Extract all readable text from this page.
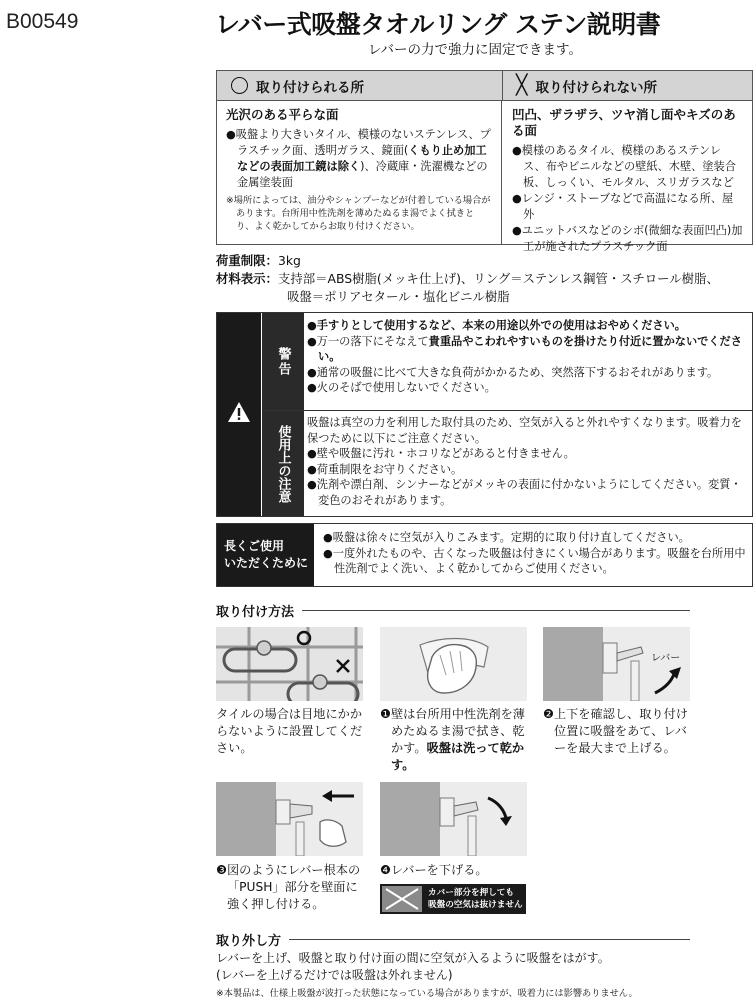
B00549	レバー式吸盤タオルリング ステン説明書
レバーの力で強力に固定できます。
取り付けられる所	╳ 取り付けられない所
光沢のある平らな面
●吸盤より大きいタイル、模様のないステンレス、プラスチック面、透明ガラス、鏡面(くもり止め加工などの表面加工鏡は除く)、冷蔵庫・洗濯機などの金属塗装面
※場所によっては、油分やシャンプーなどが付着している場合があります。台所用中性洗剤を薄めたぬるま湯でよく拭きとり、よく乾かしてからお取り付けください。
凹凸、ザラザラ、ツヤ消し面やキズのある面
●模様のあるタイル、模様のあるステンレス、布やビニルなどの壁紙、木壁、塗装合板、しっくい、モルタル、スリガラスなど
●レンジ・ストーブなどで高温になる所、屋外
●ユニットバスなどのシボ(微細な表面凹凸)加工が施されたプラスチック面
荷重制限：3kg
材料表示：支持部＝ABS樹脂(メッキ仕上げ)、リング＝ステンレス鋼管・スチロール樹脂、
吸盤＝ポリアセタール・塩化ビニル樹脂
警告
使用上の注意
●手すりとして使用するなど、本来の用途以外での使用はおやめください。
●万一の落下にそなえて貴重品やこわれやすいものを掛けたり付近に置かないでください。
●通常の吸盤に比べて大きな負荷がかかるため、突然落下するおそれがあります。
●火のそばで使用しないでください。
吸盤は真空の力を利用した取付具のため、空気が入ると外れやすくなります。吸着力を保つために以下にご注意ください。
●壁や吸盤に汚れ・ホコリなどがあると付きません。
●荷重制限をお守りください。
●洗剤や漂白剤、シンナーなどがメッキの表面に付かないようにしてください。変質・変色のおそれがあります。
長くご使用
いただくために
●吸盤は徐々に空気が入りこみます。定期的に取り付け直してください。
●一度外れたものや、古くなった吸盤は付きにくい場合があります。吸盤を台所用中性洗剤でよく洗い、よく乾かしてからご使用ください。
取り付け方法
タイルの場合は目地にかからないように設置してください。
❶壁は台所用中性洗剤を薄めたぬるま湯で拭き、乾かす。吸盤は洗って乾かす。
レバー
❷上下を確認し、取り付け位置に吸盤をあて、レバーを最大まで上げる。
❸図のようにレバー根本の「PUSH」部分を壁面に強く押し付ける。
❹レバーを下げる。
カバー部分を押しても
吸盤の空気は抜けません
取り外し方
レバーを上げ、吸盤と取り付け面の間に空気が入るように吸盤をはがす。
(レバーを上げるだけでは吸盤は外れません)
※本製品は、仕様上吸盤が波打った状態になっている場合がありますが、吸着力には影響ありません。
